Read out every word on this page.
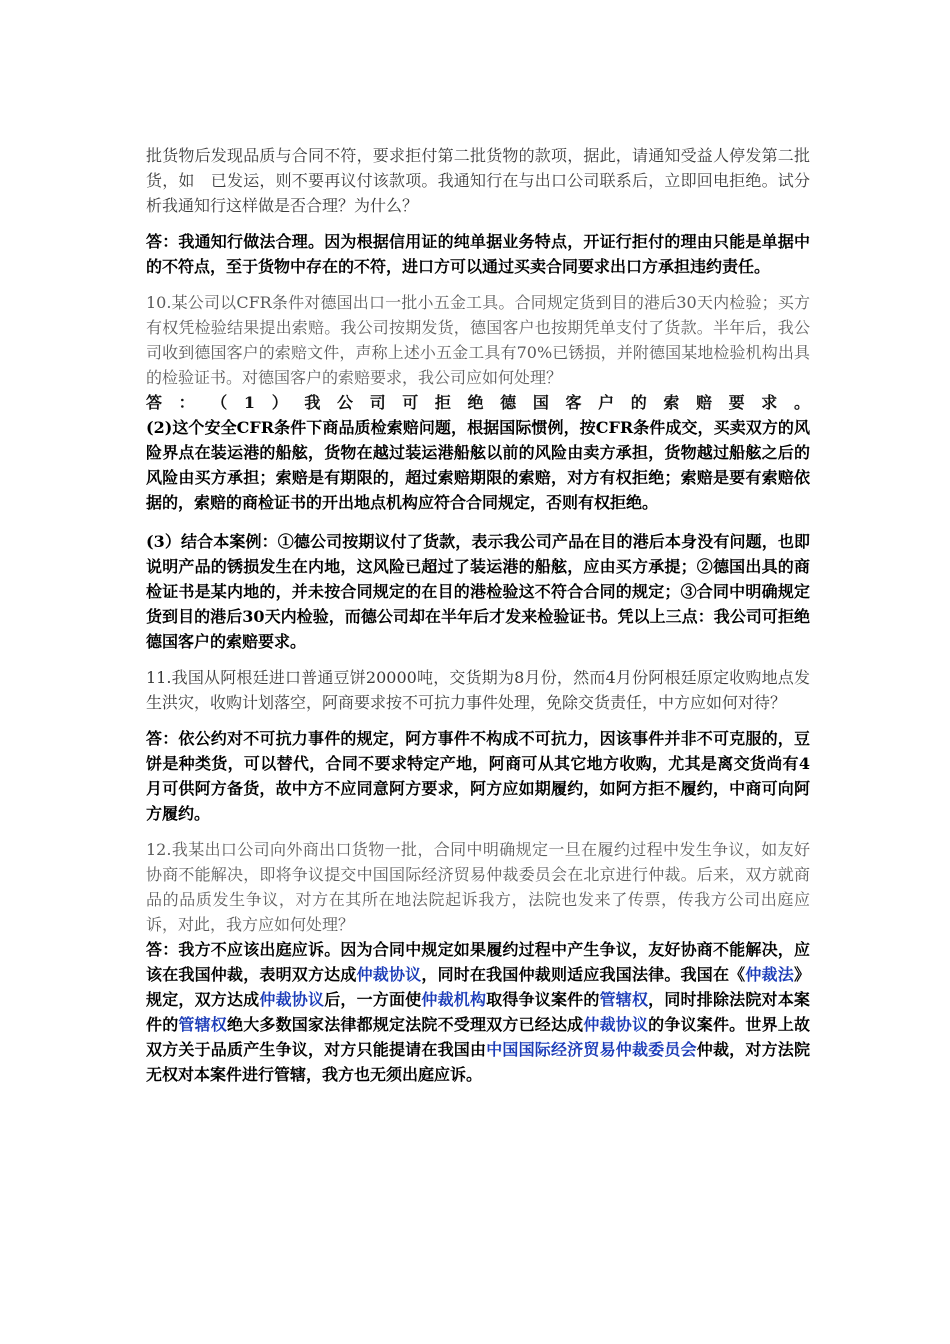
批货物后发现品质与合同不符，要求拒付第二批货物的款项，据此，请通知受益人停发第二批货，如　已发运，则不要再议付该款项。我通知行在与出口公司联系后，立即回电拒绝。试分析我通知行这样做是否合理？为什么？

答：我通知行做法合理。因为根据信用证的纯单据业务特点，开证行拒付的理由只能是单据中的不符点，至于货物中存在的不符，进口方可以通过买卖合同要求出口方承担违约责任。

10.某公司以CFR条件对德国出口一批小五金工具。合同规定货到目的港后30天内检验；买方有权凭检验结果提出索赔。我公司按期发货，德国客户也按期凭单支付了货款。半年后，我公司收到德国客户的索赔文件，声称上述小五金工具有70%已锈损，并附德国某地检验机构出具的检验证书。对德国客户的索赔要求，我公司应如何处理？

答 ： （ 1 ） 我 公 司 可 拒 绝 德 国 客 户 的 索 赔 要 求 。

(2)这个安全CFR条件下商品质检索赔问题，根据国际惯例，按CFR条件成交，买卖双方的风险界点在装运港的船舷，货物在越过装运港船舷以前的风险由卖方承担，货物越过船舷之后的风险由买方承担；索赔是有期限的，超过索赔期限的索赔，对方有权拒绝；索赔是要有索赔依据的，索赔的商检证书的开出地点机构应符合合同规定，否则有权拒绝。

(3）结合本案例：①德公司按期议付了货款，表示我公司产品在目的港后本身没有问题，也即说明产品的锈损发生在内地，这风险已超过了装运港的船舷，应由买方承提；②德国出具的商检证书是某内地的，并未按合同规定的在目的港检验这不符合合同的规定；③合同中明确规定货到目的港后30天内检验，而德公司却在半年后才发来检验证书。凭以上三点：我公司可拒绝德国客户的索赔要求。

11.我国从阿根廷进口普通豆饼20000吨，交货期为8月份，然而4月份阿根廷原定收购地点发生洪灾，收购计划落空，阿商要求按不可抗力事件处理，免除交货责任，中方应如何对待？

答：依公约对不可抗力事件的规定，阿方事件不构成不可抗力，因该事件并非不可克服的，豆饼是种类货，可以替代，合同不要求特定产地，阿商可从其它地方收购，尤其是离交货尚有4月可供阿方备货，故中方不应同意阿方要求，阿方应如期履约，如阿方拒不履约，中商可向阿方履约。

12.我某出口公司向外商出口货物一批，合同中明确规定一旦在履约过程中发生争议，如友好协商不能解决，即将争议提交中国国际经济贸易仲裁委员会在北京进行仲裁。后来，双方就商品的品质发生争议，对方在其所在地法院起诉我方，法院也发来了传票，传我方公司出庭应诉，对此，我方应如何处理？

答：我方不应该出庭应诉。因为合同中规定如果履约过程中产生争议，友好协商不能解决，应该在我国仲裁，表明双方达成仲裁协议，同时在我国仲裁则适应我国法律。我国在《仲裁法》规定，双方达成仲裁协议后，一方面使仲裁机构取得争议案件的管辖权，同时排除法院对本案件的管辖权绝大多数国家法律都规定法院不受理双方已经达成仲裁协议的争议案件。世界上故双方关于品质产生争议，对方只能提请在我国由中国国际经济贸易仲裁委员会仲裁，对方法院无权对本案件进行管辖，我方也无须出庭应诉。
